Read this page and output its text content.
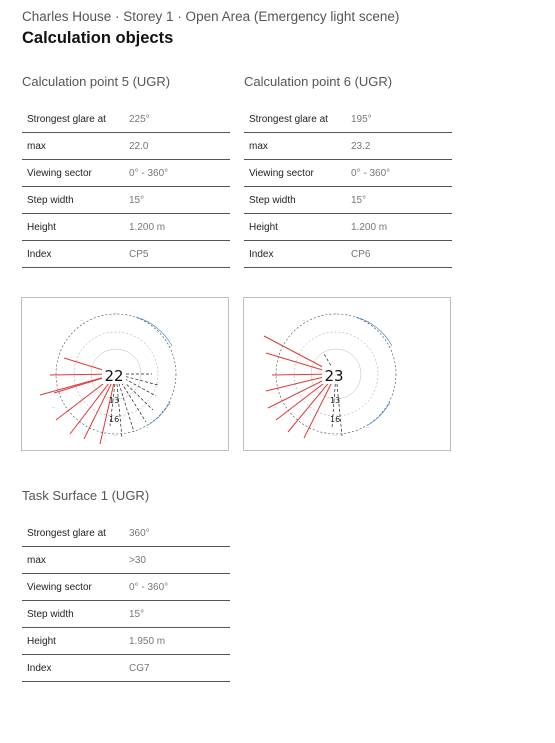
Charles House · Storey 1 · Open Area (Emergency light scene)
Calculation objects
Calculation point 5 (UGR)
Strongest glare at	225°
max	22.0
Viewing sector	0° - 360°
Step width	15°
Height	1.200 m
Index	CP5
Calculation point 6 (UGR)
Strongest glare at	195°
max	23.2
Viewing sector	0° - 360°
Step width	15°
Height	1.200 m
Index	CP6
‧‧‧
‧‧‧
‧‧‧
‧‧‧
‧‧‧
‧‧‧
‧‧‧
‧‧‧
22
13
16
‧‧‧
‧‧‧
‧‧‧
‧‧‧
‧‧‧
‧‧‧
‧‧‧
‧‧‧
23
13
16
Task Surface 1 (UGR)
Strongest glare at	360°
max	>30
Viewing sector	0° - 360°
Step width	15°
Height	1.950 m
Index	CG7
